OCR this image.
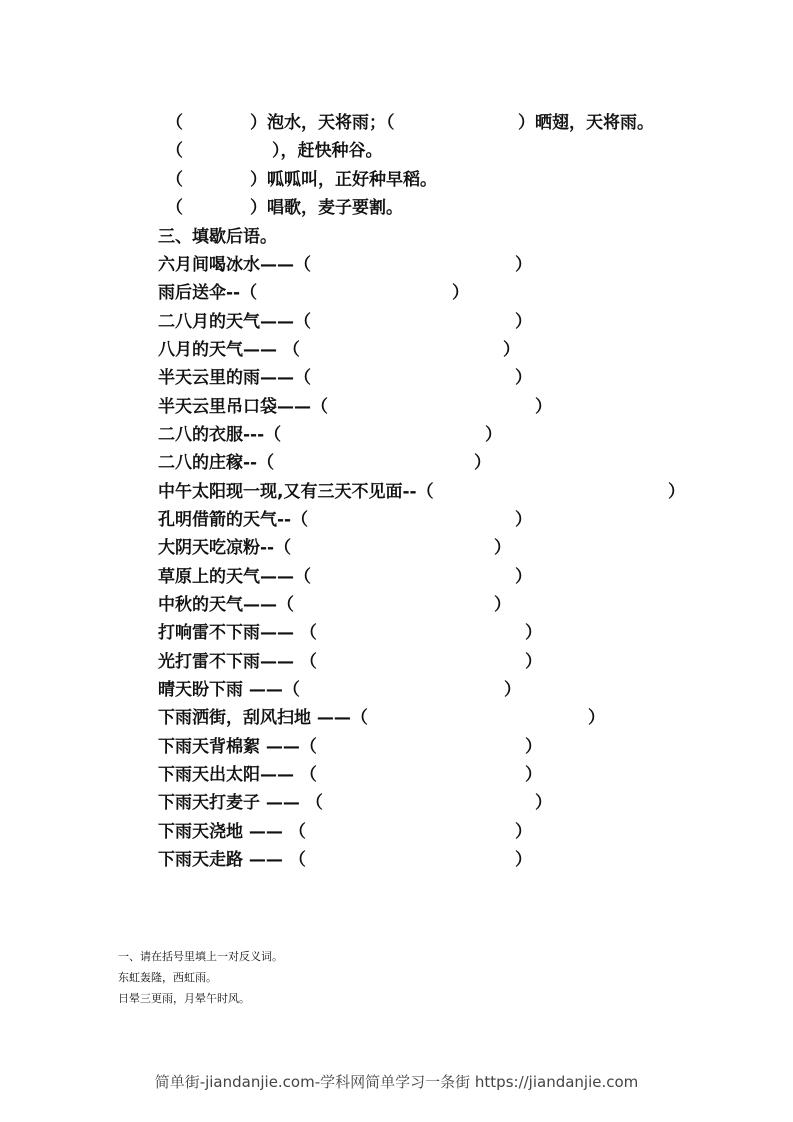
（

	）泡水，天将雨；（

	）晒翅，天将雨。

（

	），赶快种谷。

（

	）呱呱叫，正好种早稻。

（

	）唱歌，麦子要割。

三、填歇后语。

六月间喝冰水——（

	）

雨后送伞--（

	）

二八月的天气——（

	）

八月的天气—— （

	）

半天云里的雨——（

	）

半天云里吊口袋——（

	）

二八的衣服---（

	）

二八的庄稼--（

	）

中午太阳现一现,又有三天不见面--（

	）

孔明借箭的天气--（

	）

大阴天吃凉粉--（

	）

草原上的天气——（

	）

中秋的天气——（

	）

打响雷不下雨—— （

	）

光打雷不下雨—— （

	）

晴天盼下雨 ——（

	）

下雨洒街，刮风扫地 ——（

	）

下雨天背棉絮 ——（

	）

下雨天出太阳—— （

	）

下雨天打麦子 —— （

	）

下雨天浇地 —— （

	）

下雨天走路 —— （

	）

一、请在括号里填上一对反义词。
东虹轰隆，西虹雨。
日晕三更雨，月晕午时风。
简单街-jiandanjie.com-学科网简单学习一条街 https://jiandanjie.com
